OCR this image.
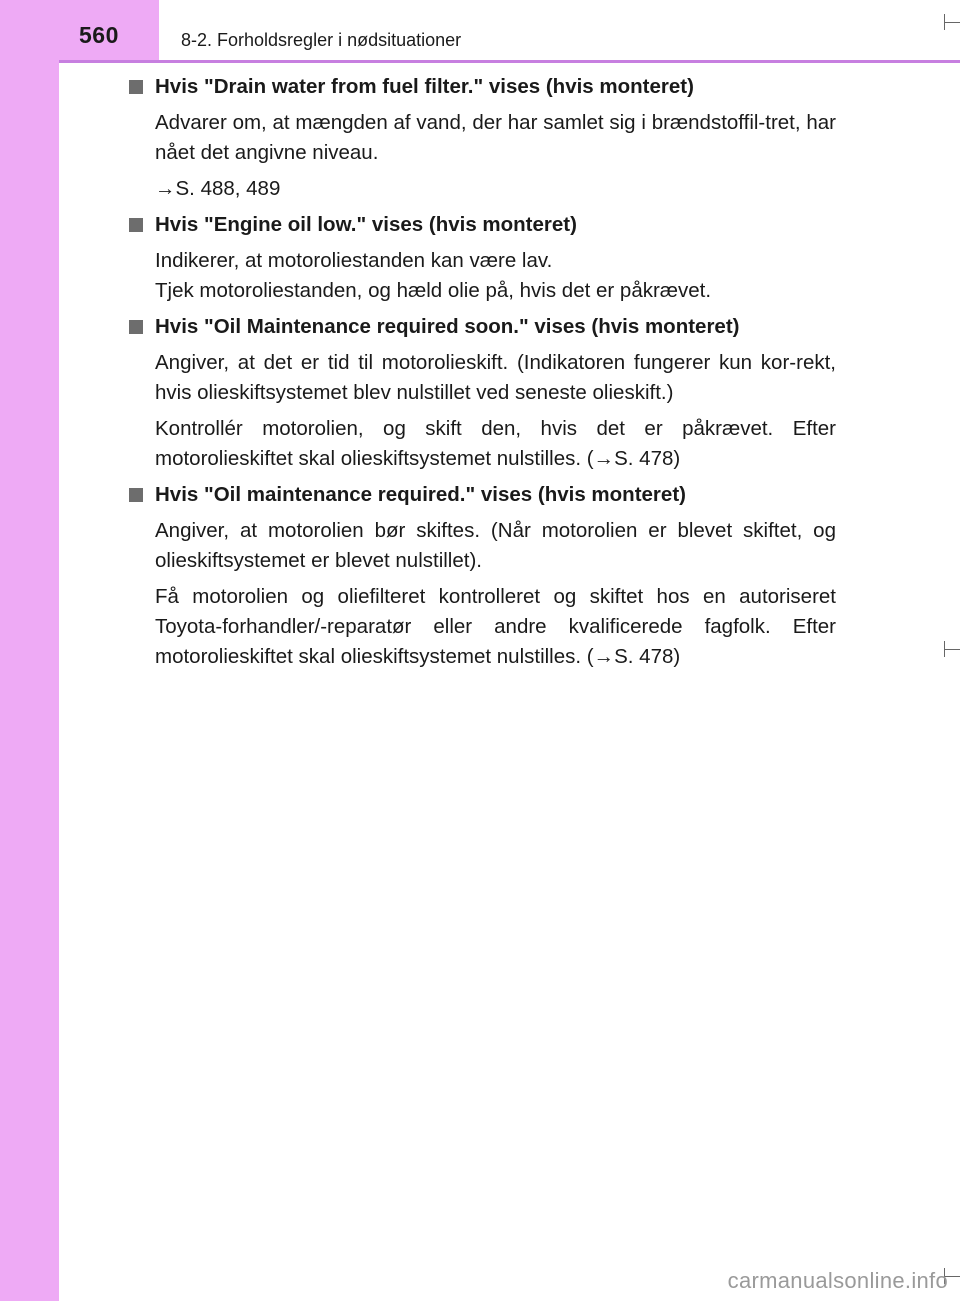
560	8-2. Forholdsregler i nødsituationer
Hvis "Drain water from fuel filter." vises (hvis monteret)

Advarer om, at mængden af vand, der har samlet sig i brændstoffil-tret, har nået det angivne niveau.

→S. 488, 489

Hvis "Engine oil low." vises (hvis monteret)

Indikerer, at motoroliestanden kan være lav.

Tjek motoroliestanden, og hæld olie på, hvis det er påkrævet.

Hvis "Oil Maintenance required soon." vises (hvis monteret)

Angiver, at det er tid til motorolieskift. (Indikatoren fungerer kun kor-rekt, hvis olieskiftsystemet blev nulstillet ved seneste olieskift.)

Kontrollér motorolien, og skift den, hvis det er påkrævet. Efter motorolieskiftet skal olieskiftsystemet nulstilles. (→S. 478)

Hvis "Oil maintenance required." vises (hvis monteret)

Angiver, at motorolien bør skiftes. (Når motorolien er blevet skiftet, og olieskiftsystemet er blevet nulstillet).

Få motorolien og oliefilteret kontrolleret og skiftet hos en autoriseret Toyota-forhandler/-reparatør eller andre kvalificerede fagfolk. Efter motorolieskiftet skal olieskiftsystemet nulstilles. (→S. 478)

carmanualsonline.info
